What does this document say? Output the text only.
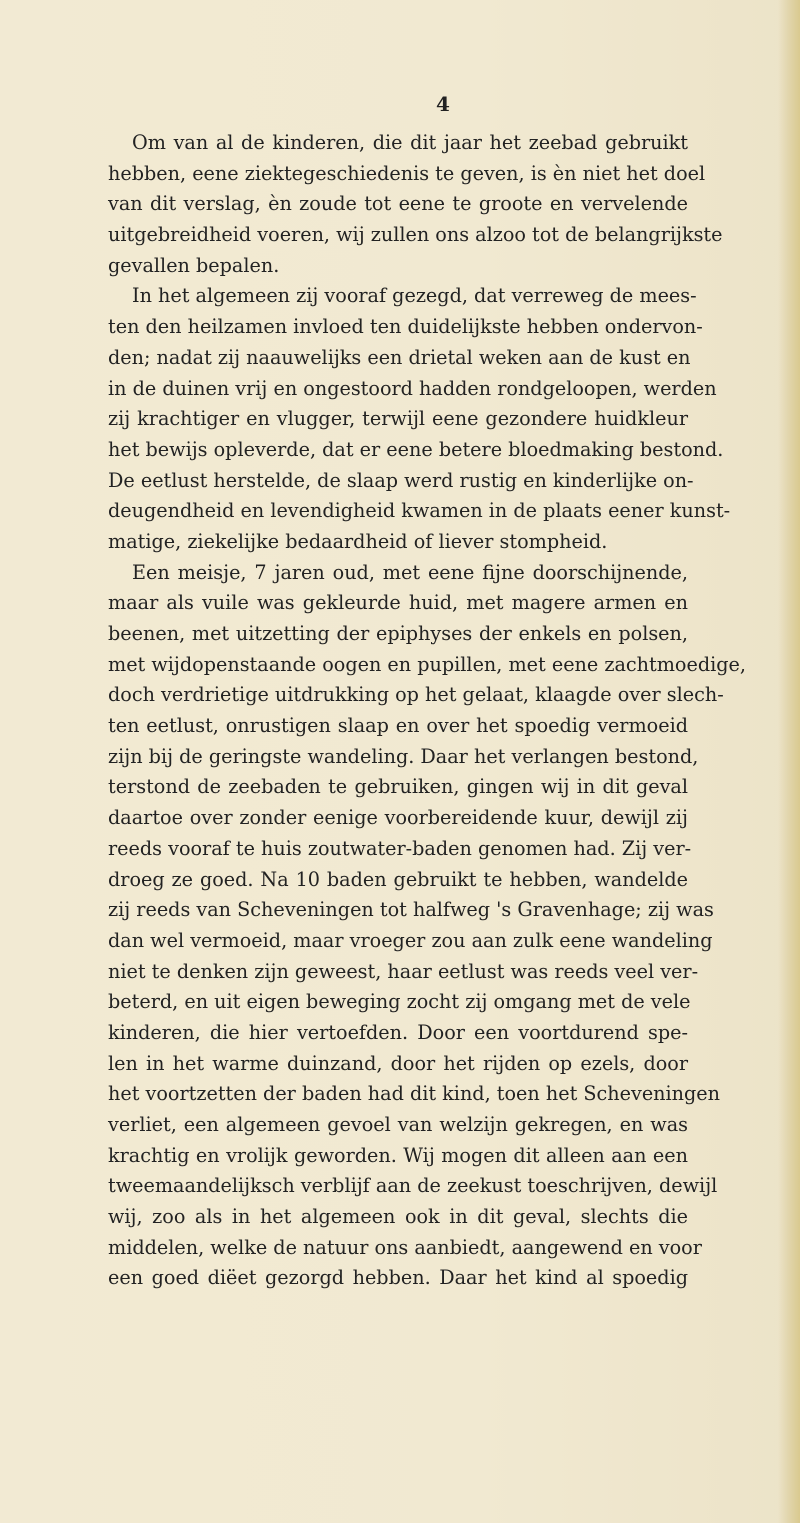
4

Om van al de kinderen, die dit jaar het zeebad gebruikt
hebben, eene ziektegeschiedenis te geven, is èn niet het doel
van dit verslag, èn zoude tot eene te groote en vervelende
uitgebreidheid voeren, wij zullen ons alzoo tot de belangrijkste
gevallen bepalen.
In het algemeen zij vooraf gezegd, dat verreweg de mees-
ten den heilzamen invloed ten duidelijkste hebben ondervon-
den; nadat zij naauwelijks een drietal weken aan de kust en
in de duinen vrij en ongestoord hadden rondgeloopen, werden
zij krachtiger en vlugger, terwijl eene gezondere huidkleur
het bewijs opleverde, dat er eene betere bloedmaking bestond.
De eetlust herstelde, de slaap werd rustig en kinderlijke on-
deugendheid en levendigheid kwamen in de plaats eener kunst-
matige, ziekelijke bedaardheid of liever stompheid.
Een meisje, 7 jaren oud, met eene fijne doorschijnende,
maar als vuile was gekleurde huid, met magere armen en
beenen, met uitzetting der epiphyses der enkels en polsen,
met wijdopenstaande oogen en pupillen, met eene zachtmoedige,
doch verdrietige uitdrukking op het gelaat, klaagde over slech-
ten eetlust, onrustigen slaap en over het spoedig vermoeid
zijn bij de geringste wandeling. Daar het verlangen bestond,
terstond de zeebaden te gebruiken, gingen wij in dit geval
daartoe over zonder eenige voorbereidende kuur, dewijl zij
reeds vooraf te huis zoutwater-baden genomen had. Zij ver-
droeg ze goed. Na 10 baden gebruikt te hebben, wandelde
zij reeds van Scheveningen tot halfweg 's Gravenhage; zij was
dan wel vermoeid, maar vroeger zou aan zulk eene wandeling
niet te denken zijn geweest, haar eetlust was reeds veel ver-
beterd, en uit eigen beweging zocht zij omgang met de vele
kinderen, die hier vertoefden. Door een voortdurend spe-
len in het warme duinzand, door het rijden op ezels, door
het voortzetten der baden had dit kind, toen het Scheveningen
verliet, een algemeen gevoel van welzijn gekregen, en was
krachtig en vrolijk geworden. Wij mogen dit alleen aan een
tweemaandelijksch verblijf aan de zeekust toeschrijven, dewijl
wij, zoo als in het algemeen ook in dit geval, slechts die
middelen, welke de natuur ons aanbiedt, aangewend en voor
een goed diëet gezorgd hebben. Daar het kind al spoedig
